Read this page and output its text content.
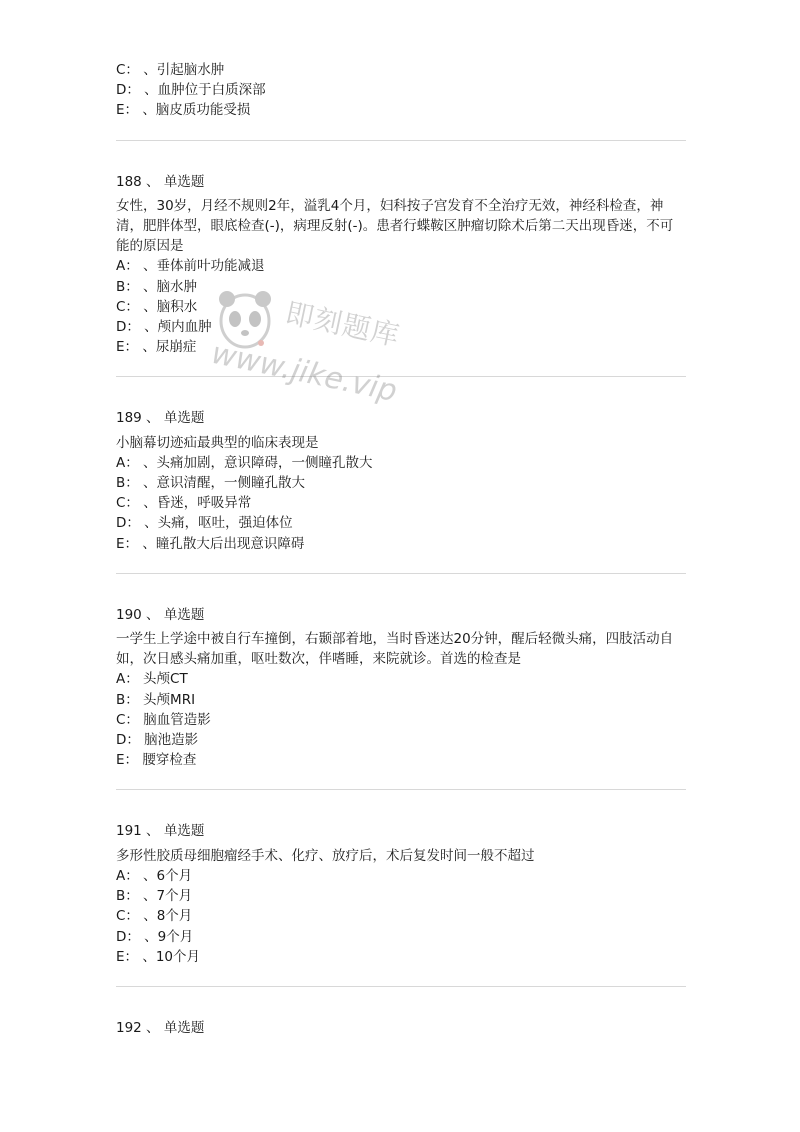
C： 、引起脑水肿
D： 、血肿位于白质深部
E： 、脑皮质功能受损
188 、 单选题
女性，30岁，月经不规则2年，溢乳4个月，妇科按子宫发育不全治疗无效，神经科检查，神清，肥胖体型，眼底检查(-)，病理反射(-)。患者行蝶鞍区肿瘤切除术后第二天出现昏迷，不可能的原因是
A： 、垂体前叶功能减退
B： 、脑水肿
C： 、脑积水
D： 、颅内血肿
E： 、尿崩症
189 、 单选题
小脑幕切迹疝最典型的临床表现是
A： 、头痛加剧，意识障碍，一侧瞳孔散大
B： 、意识清醒，一侧瞳孔散大
C： 、昏迷，呼吸异常
D： 、头痛，呕吐，强迫体位
E： 、瞳孔散大后出现意识障碍
190 、 单选题
一学生上学途中被自行车撞倒，右颞部着地，当时昏迷达20分钟，醒后轻微头痛，四肢活动自如，次日感头痛加重，呕吐数次，伴嗜睡，来院就诊。首选的检查是
A： 头颅CT
B： 头颅MRI
C： 脑血管造影
D： 脑池造影
E： 腰穿检查
191 、 单选题
多形性胶质母细胞瘤经手术、化疗、放疗后，术后复发时间一般不超过
A： 、6个月
B： 、7个月
C： 、8个月
D： 、9个月
E： 、10个月
192 、 单选题
即刻题库
www.jike.vip
